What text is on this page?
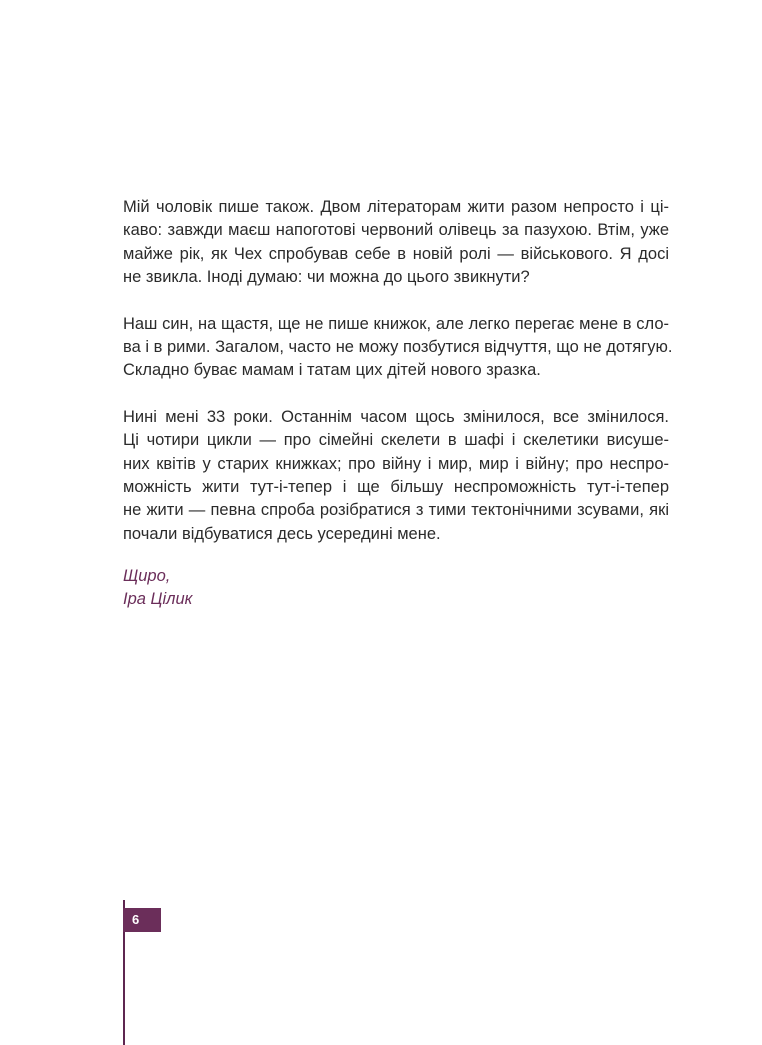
Мій чоловік пише також. Двом літераторам жити разом непросто і ці-
каво: завжди маєш напоготові червоний олівець за пазухою. Втім, уже
майже рік, як Чех спробував себе в новій ролі — військового. Я досі
не звикла. Іноді думаю: чи можна до цього звикнути?

Наш син, на щастя, ще не пише книжок, але легко перегає мене в сло-
ва і в рими. Загалом, часто не можу позбутися відчуття, що не дотягую.
Складно буває мамам і татам цих дітей нового зразка.

Нині мені 33 роки. Останнім часом щось змінилося, все змінилося.
Ці чотири цикли — про сімейні скелети в шафі і скелетики висуше-
них квітів у старих книжках; про війну і мир, мир і війну; про неспро-
можність жити тут-і-тепер і ще більшу неспроможність тут-і-тепер
не жити — певна спроба розібратися з тими тектонічними зсувами, які
почали відбуватися десь усередині мене.

Щиро,
Іра Цілик
6
